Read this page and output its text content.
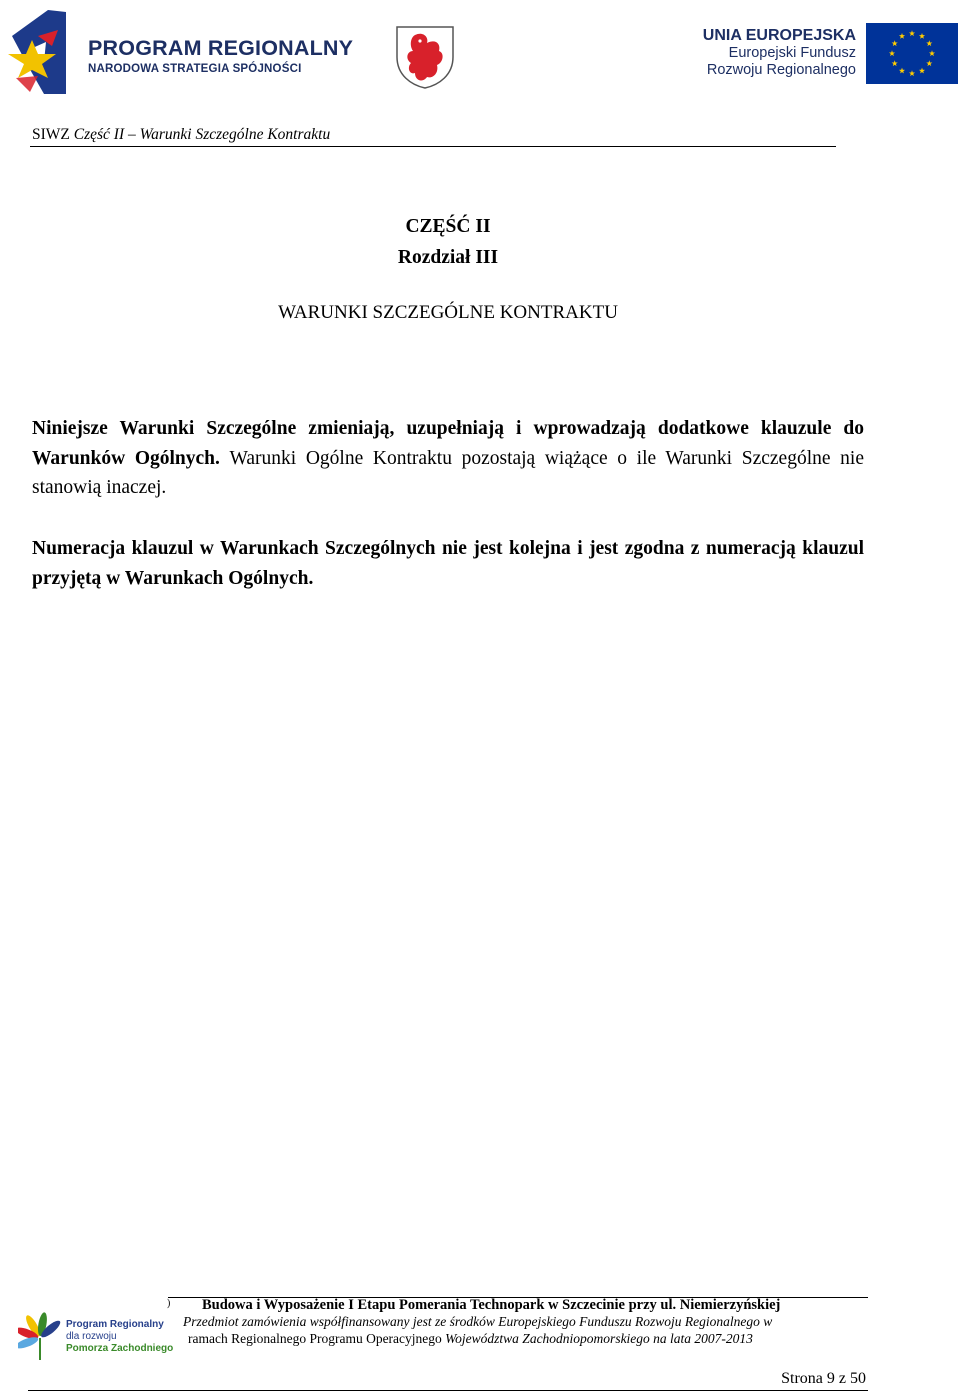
PROGRAM REGIONALNY
NARODOWA STRATEGIA SPÓJNOŚCI
UNIA EUROPEJSKA
Europejski Fundusz
Rozwoju Regionalnego
SIWZ Część II – Warunki Szczególne Kontraktu
CZĘŚĆ II
Rozdział III
WARUNKI SZCZEGÓLNE KONTRAKTU
Niniejsze Warunki Szczególne zmieniają, uzupełniają i wprowadzają dodatkowe klauzule do Warunków Ogólnych. Warunki Ogólne Kontraktu pozostają wiążące o ile Warunki Szczególne nie stanowią inaczej.
Numeracja klauzul w Warunkach Szczególnych nie jest kolejna i jest zgodna z numeracją klauzul przyjętą w Warunkach Ogólnych.
Program Regionalny
dla rozwoju
Pomorza Zachodniego
) Budowa i Wyposażenie I Etapu Pomerania Technopark w Szczecinie przy ul. Niemierzyńskiej
Przedmiot zamówienia współfinansowany jest ze środków Europejskiego Funduszu Rozwoju Regionalnego w
ramach Regionalnego Programu Operacyjnego Województwa Zachodniopomorskiego na lata 2007-2013
Strona 9 z 50
